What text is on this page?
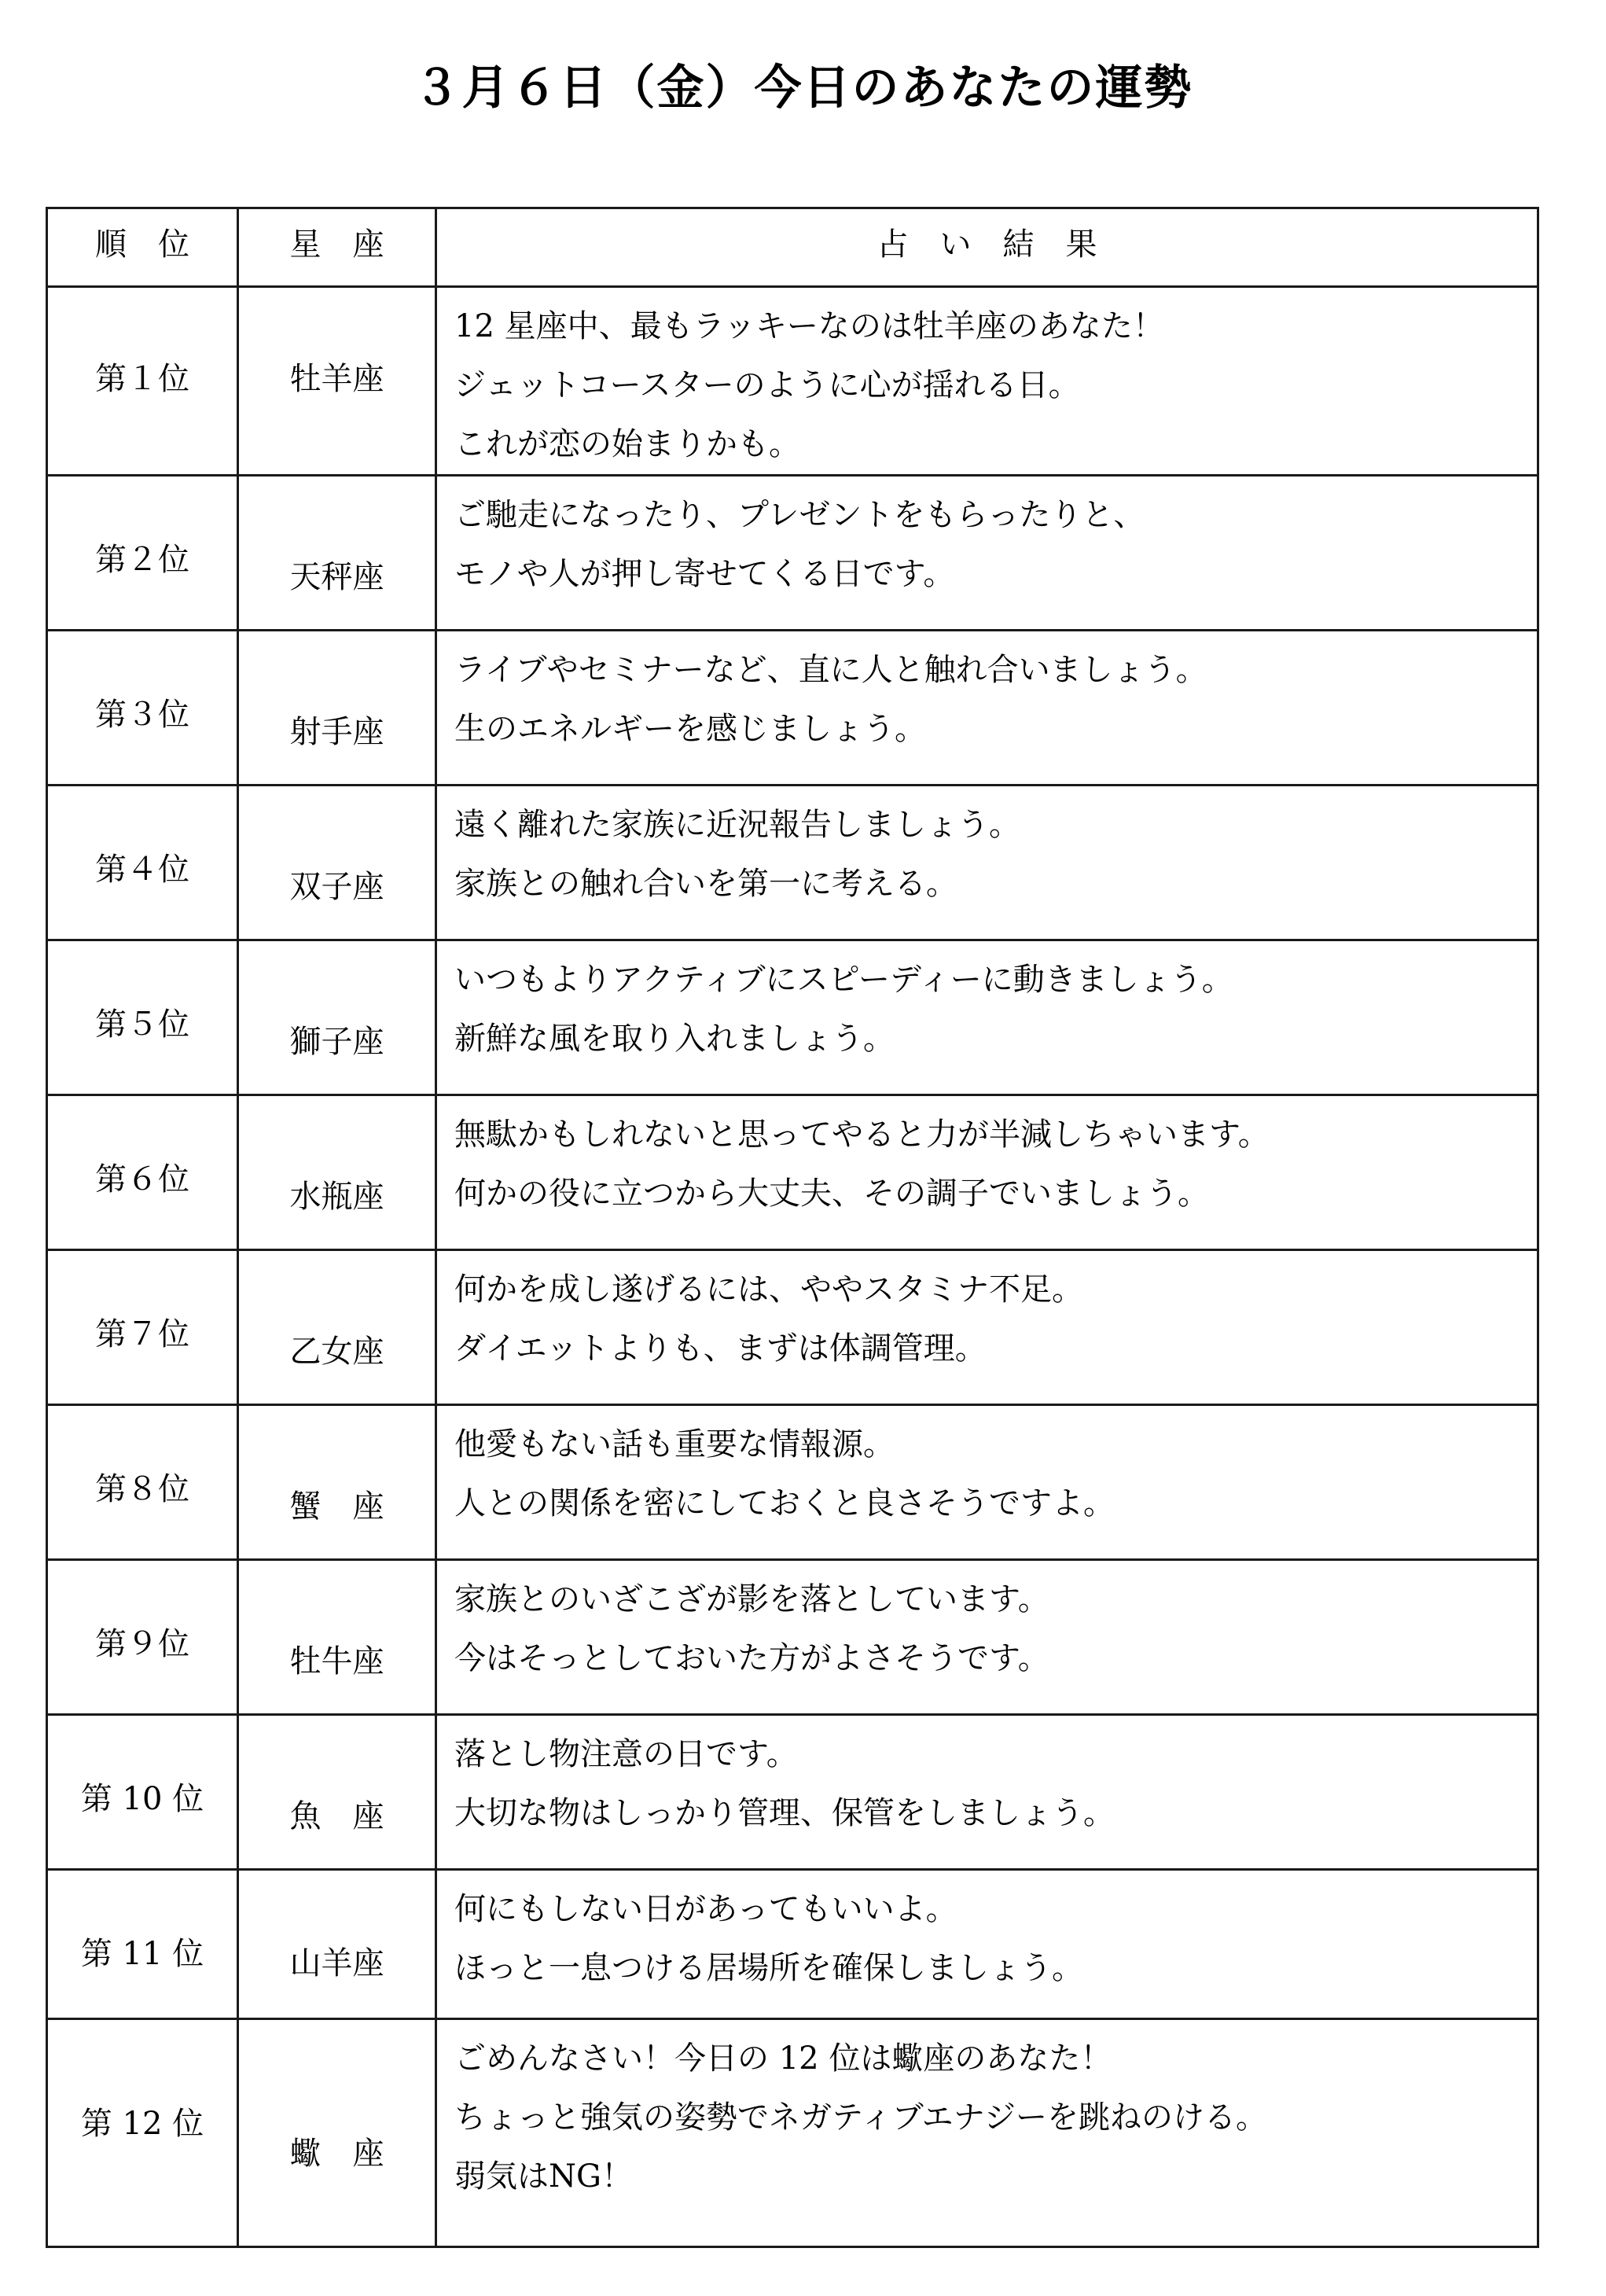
３月６日（金）今日のあなたの運勢
順　位	星　座	占　い　結　果
第１位	牡羊座	12 星座中、最もラッキーなのは牡羊座のあなた！
ジェットコースターのように心が揺れる日。
これが恋の始まりかも。

第２位	天秤座	ご馳走になったり、プレゼントをもらったりと、
モノや人が押し寄せてくる日です。

第３位	射手座	ライブやセミナーなど、直に人と触れ合いましょう。
生のエネルギーを感じましょう。

第４位	双子座	遠く離れた家族に近況報告しましょう。
家族との触れ合いを第一に考える。

第５位	獅子座	いつもよりアクティブにスピーディーに動きましょう。
新鮮な風を取り入れましょう。

第６位	水瓶座	無駄かもしれないと思ってやると力が半減しちゃいます。
何かの役に立つから大丈夫、その調子でいましょう。

第７位	乙女座	何かを成し遂げるには、ややスタミナ不足。
ダイエットよりも、まずは体調管理。

第８位	蟹　座	他愛もない話も重要な情報源。
人との関係を密にしておくと良さそうですよ。

第９位	牡牛座	家族とのいざこざが影を落としています。
今はそっとしておいた方がよさそうです。

第 10 位	魚　座	落とし物注意の日です。
大切な物はしっかり管理、保管をしましょう。

第 11 位	山羊座	何にもしない日があってもいいよ。
ほっと一息つける居場所を確保しましょう。

第 12 位	蠍　座	ごめんなさい！今日の 12 位は蠍座のあなた！
ちょっと強気の姿勢でネガティブエナジーを跳ねのける。
弱気はNG！
